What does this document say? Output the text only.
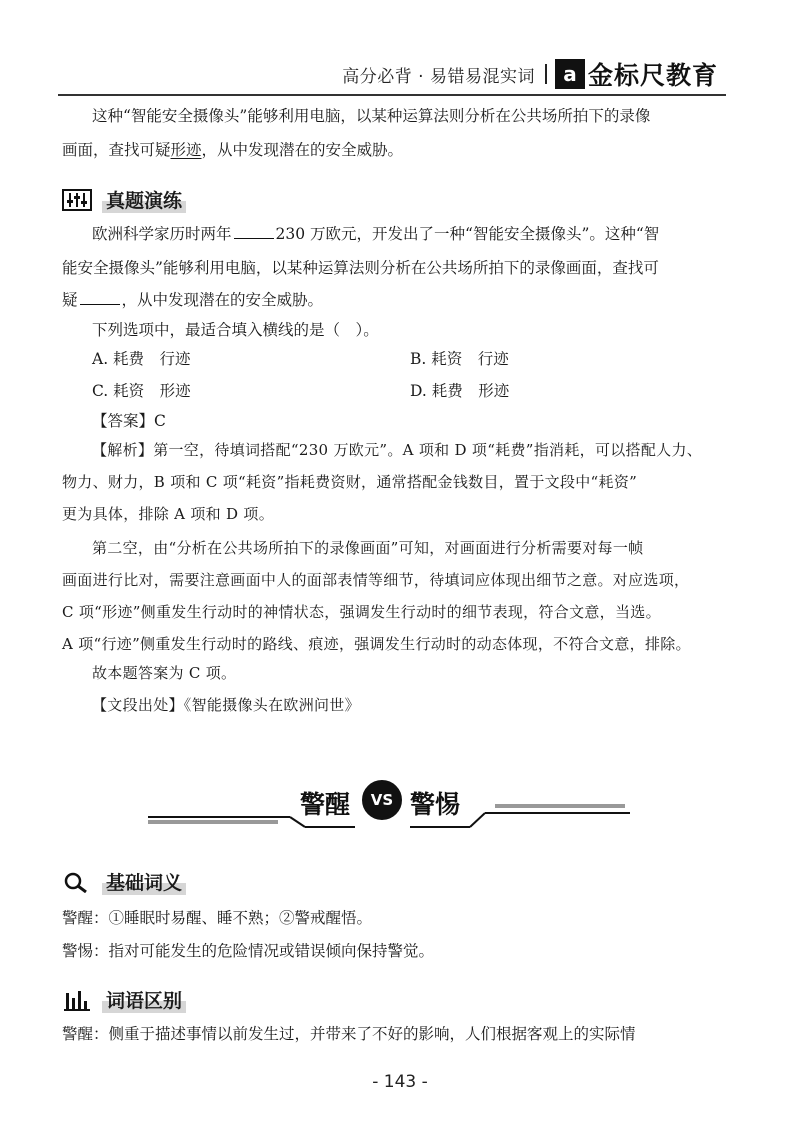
高分必背 · 易错易混实词	a 金标尺教育
这种“智能安全摄像头”能够利用电脑，以某种运算法则分析在公共场所拍下的录像
画面，查找可疑形迹，从中发现潜在的安全威胁。
真题演练
欧洲科学家历时两年	230 万欧元，开发出了一种“智能安全摄像头”。这种“智
能安全摄像头”能够利用电脑，以某种运算法则分析在公共场所拍下的录像画面，查找可
疑	，从中发现潜在的安全威胁。
下列选项中，最适合填入横线的是（　）。
A. 耗费　行迹	B. 耗资　行迹
C. 耗资　形迹	D. 耗费　形迹
【答案】C
【解析】第一空，待填词搭配“230 万欧元”。A 项和 D 项“耗费”指消耗，可以搭配人力、
物力、财力，B 项和 C 项“耗资”指耗费资财，通常搭配金钱数目，置于文段中“耗资”
更为具体，排除 A 项和 D 项。
第二空，由“分析在公共场所拍下的录像画面”可知，对画面进行分析需要对每一帧
画面进行比对，需要注意画面中人的面部表情等细节，待填词应体现出细节之意。对应选项，
C 项“形迹”侧重发生行动时的神情状态，强调发生行动时的细节表现，符合文意，当选。
A 项“行迹”侧重发生行动时的路线、痕迹，强调发生行动时的动态体现，不符合文意，排除。
故本题答案为 C 项。
【文段出处】《智能摄像头在欧洲问世》
警醒	VS 警惕
基础词义
警醒：①睡眠时易醒、睡不熟；②警戒醒悟。
警惕：指对可能发生的危险情况或错误倾向保持警觉。
词语区别
警醒：侧重于描述事情以前发生过，并带来了不好的影响，人们根据客观上的实际情
- 143 -
